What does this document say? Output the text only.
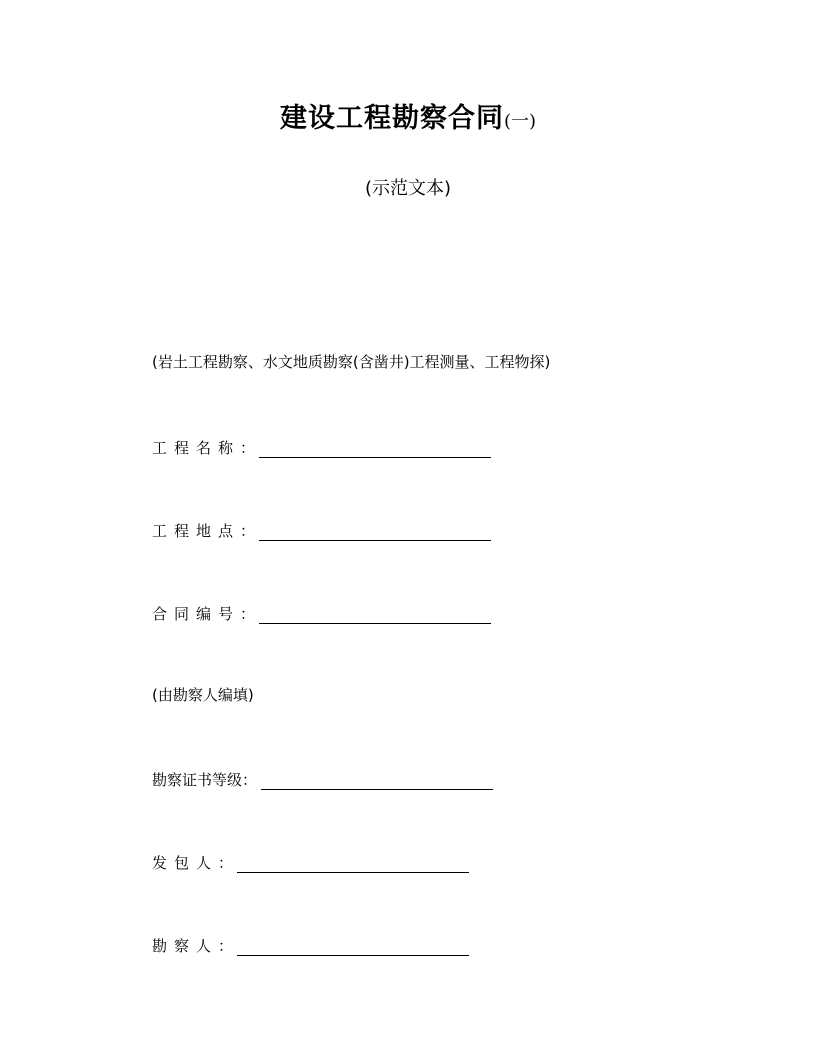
建设工程勘察合同(一)
(示范文本)
(岩土工程勘察、水文地质勘察(含凿井)工程测量、工程物探)
工程名称 ：
工程地点 ：
合同编号 ：
(由勘察人编填)
勘察证书等级 ：
发包人 ：
勘察人 ：
